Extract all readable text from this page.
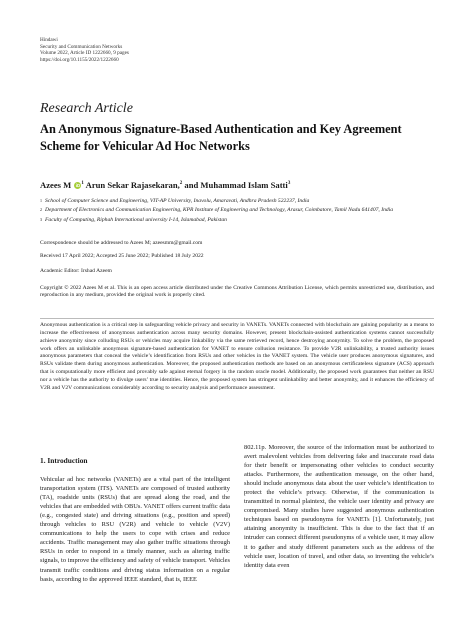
Hindawi
Security and Communication Networks
Volume 2022, Article ID 1222660, 9 pages
https://doi.org/10.1155/2022/1222660
Research Article
An Anonymous Signature-Based Authentication and Key Agreement Scheme for Vehicular Ad Hoc Networks
Azees M $iD^1$ Arun Sekar Rajasekaran,$^2$ and Muhammad Islam Satti$^3$
1 School of Computer Science and Engineering, VIT-AP University, Inavolu, Amaravati, Andhra Pradesh 522237, India
2 Department of Electronics and Communication Engineering, KPR Institute of Engineering and Technology, Arasur, Coimbatore, Tamil Nadu 641407, India
3 Faculty of Computing, Riphah International university I-14, Islamabad, Pakistan
Correspondence should be addressed to Azees M; azeesmm@gmail.com
Received 17 April 2022; Accepted 25 June 2022; Published 18 July 2022
Academic Editor: Irshad Azeem
Copyright © 2022 Azees M et al. This is an open access article distributed under the Creative Commons Attribution License, which permits unrestricted use, distribution, and reproduction in any medium, provided the original work is properly cited.
Anonymous authentication is a critical step in safeguarding vehicle privacy and security in VANETs. VANETs connected with blockchain are gaining popularity as a means to increase the effectiveness of anonymous authentication across many security domains. However, present blockchain-assisted authentication systems cannot successfully achieve anonymity since colluding RSUs or vehicles may acquire linkability via the same retrieved record, hence destroying anonymity. To solve the problem, the proposed work offers an unlinkable anonymous signature-based authentication for VANET to ensure collusion resistance. To provide V2R unlinkability, a trusted authority issues anonymous parameters that conceal the vehicle’s identification from RSUs and other vehicles in the VANET system. The vehicle user produces anonymous signatures, and RSUs validate them during anonymous authentication. Moreover, the proposed authentication methods are based on an anonymous certificateless signature (ACS) approach that is computationally more efficient and provably safe against eternal forgery in the random oracle model. Additionally, the proposed work guarantees that neither an RSU nor a vehicle has the authority to divulge users’ true identities. Hence, the proposed system has stringent unlinkability and better anonymity, and it enhances the efficiency of V2R and V2V communications considerably according to security analysis and performance assessment.
1. Introduction

Vehicular ad hoc networks (VANETs) are a vital part of the intelligent transportation system (ITS). VANETs are composed of trusted authority (TA), roadside units (RSUs) that are spread along the road, and the vehicles that are embedded with OBUs. VANET offers current traffic data (e.g., congested state) and driving situations (e.g., position and speed) through vehicles to RSU (V2R) and vehicle to vehicle (V2V) communications to help the users to cope with crises and reduce accidents. Traffic management may also gather traffic situations through RSUs in order to respond in a timely manner, such as altering traffic signals, to improve the efficiency and safety of vehicle transport. Vehicles transmit traffic conditions and driving status information on a regular basis, according to the approved IEEE standard, that is, IEEE

802.11p. Moreover, the source of the information must be authorized to avert malevolent vehicles from delivering fake and inaccurate road data for their benefit or impersonating other vehicles to conduct security attacks. Furthermore, the authentication message, on the other hand, should include anonymous data about the user vehicle’s identification to protect the vehicle’s privacy. Otherwise, if the communication is transmitted in normal plaintext, the vehicle user identity and privacy are compromised. Many studies have suggested anonymous authentication techniques based on pseudonyms for VANETs [1]. Unfortunately, just attaining anonymity is insufficient. This is due to the fact that if an intruder can connect different pseudonyms of a vehicle user, it may allow it to gather and study different parameters such as the address of the vehicle user, location of travel, and other data, so inventing the vehicle’s identity data even
